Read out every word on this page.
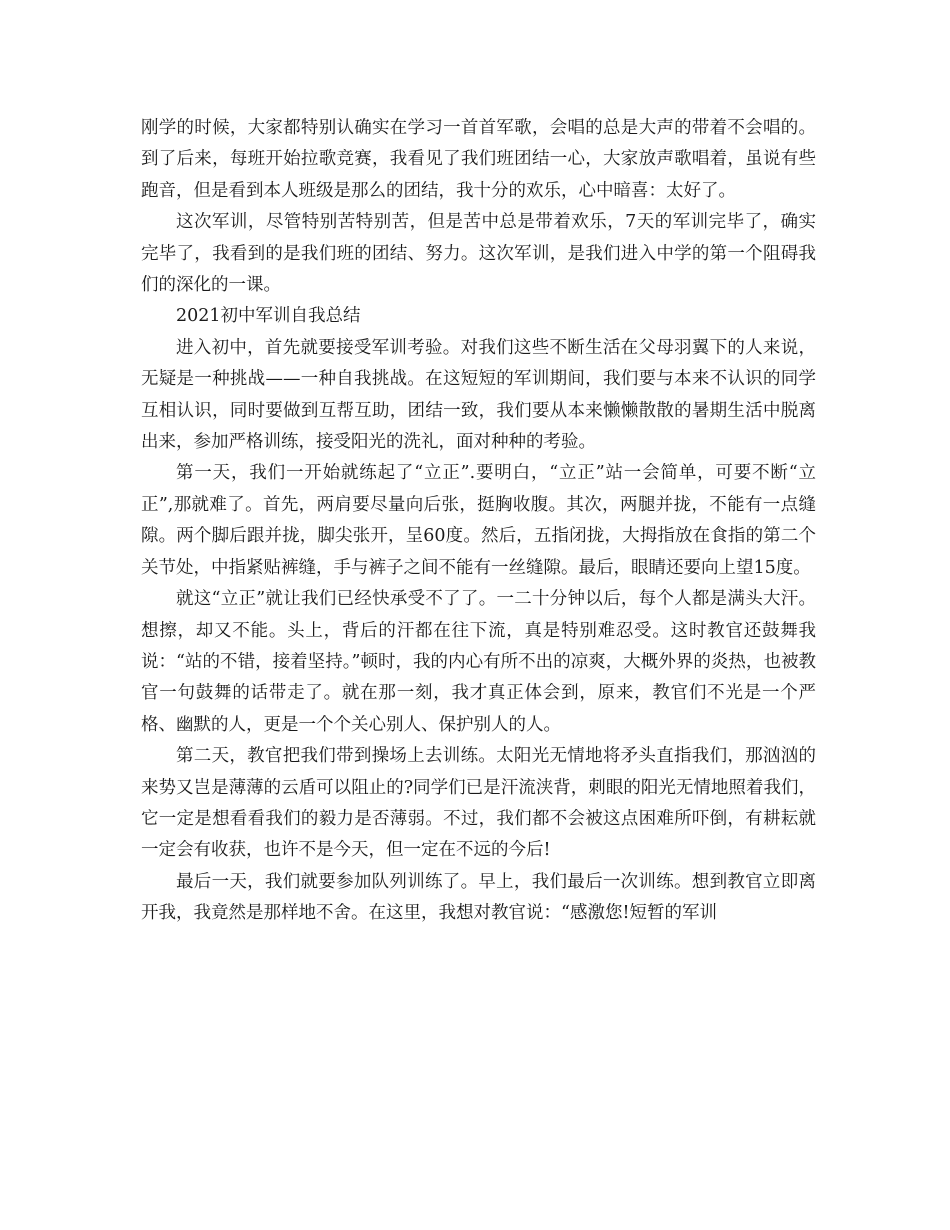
刚学的时候，大家都特别认确实在学习一首首军歌，会唱的总是大声的带着不会唱的。到了后来，每班开始拉歌竞赛，我看见了我们班团结一心，大家放声歌唱着，虽说有些跑音，但是看到本人班级是那么的团结，我十分的欢乐，心中暗喜：太好了。

这次军训，尽管特别苦特别苦，但是苦中总是带着欢乐，7天的军训完毕了，确实完毕了，我看到的是我们班的团结、努力。这次军训，是我们进入中学的第一个阻碍我们的深化的一课。

2021初中军训自我总结

进入初中，首先就要接受军训考验。对我们这些不断生活在父母羽翼下的人来说，无疑是一种挑战——一种自我挑战。在这短短的军训期间，我们要与本来不认识的同学互相认识，同时要做到互帮互助，团结一致，我们要从本来懒懒散散的暑期生活中脱离出来，参加严格训练，接受阳光的洗礼，面对种种的考验。

第一天，我们一开始就练起了“立正”.要明白，“立正”站一会简单，可要不断“立正”,那就难了。首先，两肩要尽量向后张，挺胸收腹。其次，两腿并拢，不能有一点缝隙。两个脚后跟并拢，脚尖张开，呈60度。然后，五指闭拢，大拇指放在食指的第二个关节处，中指紧贴裤缝，手与裤子之间不能有一丝缝隙。最后，眼睛还要向上望15度。

就这“立正”就让我们已经快承受不了了。一二十分钟以后，每个人都是满头大汗。想擦，却又不能。头上，背后的汗都在往下流，真是特别难忍受。这时教官还鼓舞我说：“站的不错，接着坚持。”顿时，我的内心有所不出的凉爽，大概外界的炎热，也被教官一句鼓舞的话带走了。就在那一刻，我才真正体会到，原来，教官们不光是一个严格、幽默的人，更是一个个关心别人、保护别人的人。

第二天，教官把我们带到操场上去训练。太阳光无情地将矛头直指我们，那汹汹的来势又岂是薄薄的云盾可以阻止的?同学们已是汗流浃背，刺眼的阳光无情地照着我们，它一定是想看看我们的毅力是否薄弱。不过，我们都不会被这点困难所吓倒，有耕耘就一定会有收获，也许不是今天，但一定在不远的今后!

最后一天，我们就要参加队列训练了。早上，我们最后一次训练。想到教官立即离开我，我竟然是那样地不舍。在这里，我想对教官说：“感激您!短暂的军训
